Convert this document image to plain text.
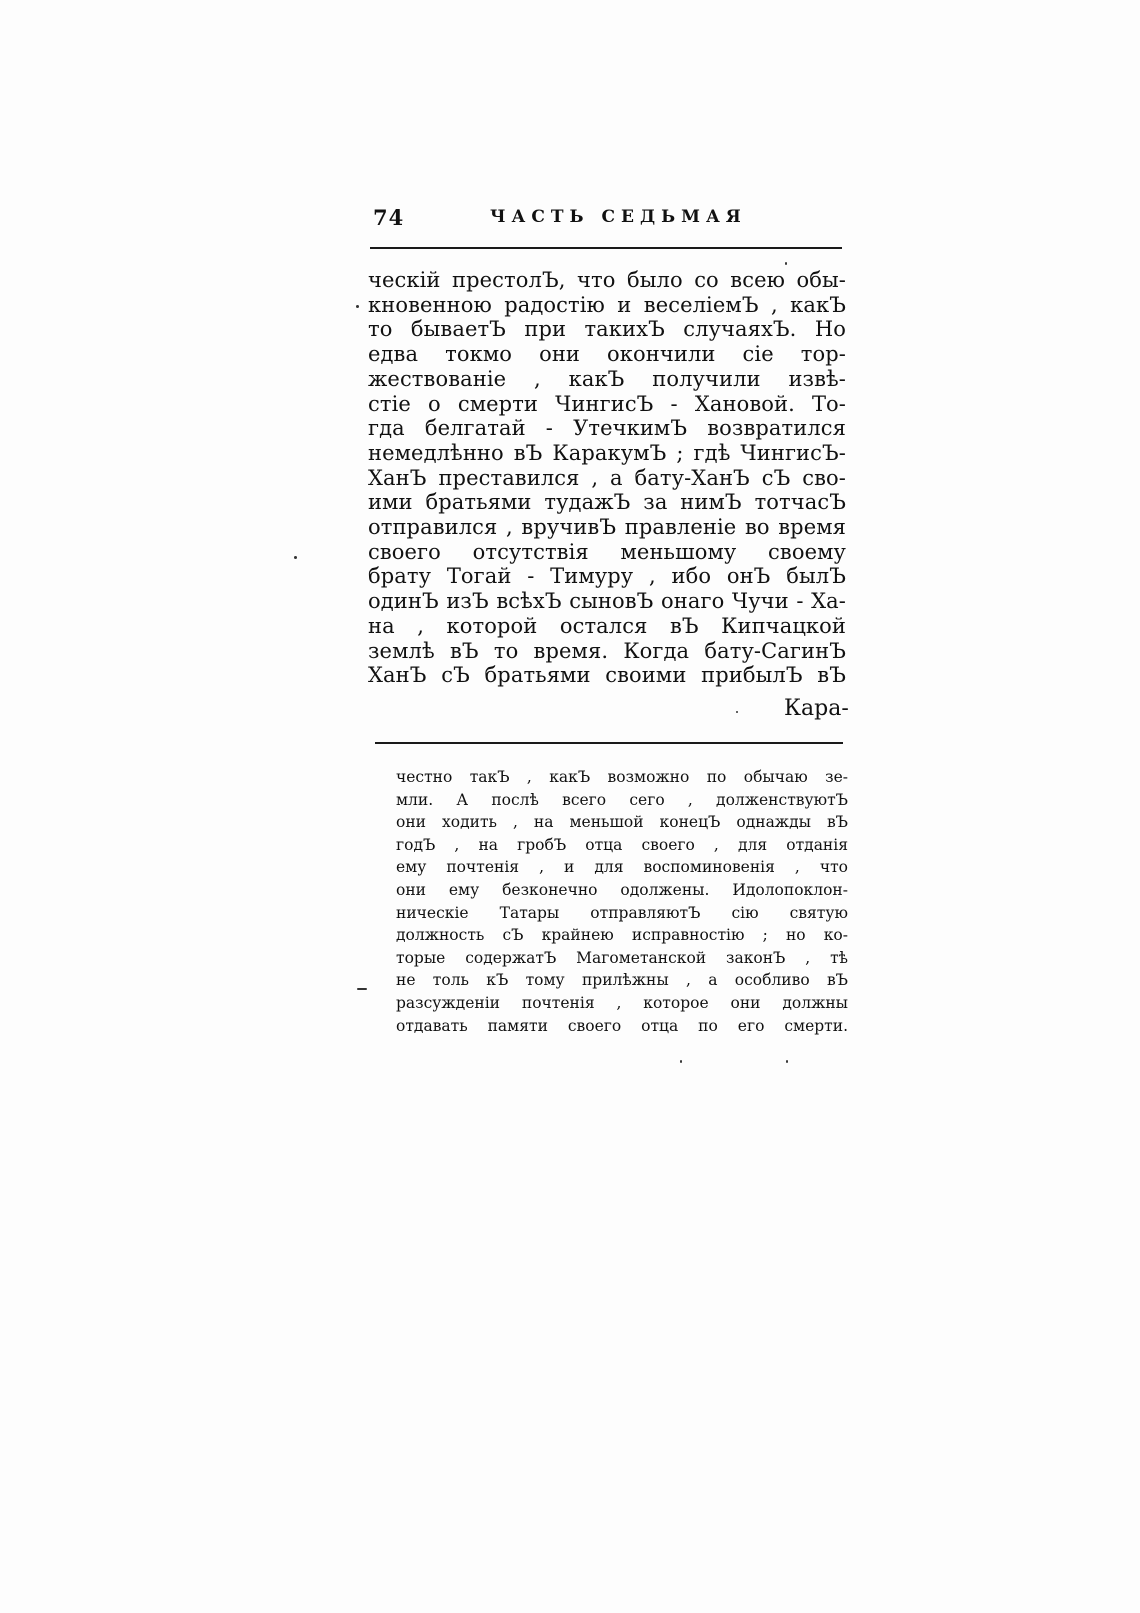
74	ЧАСТЬ СЕДЬМАЯ
ческій престолЪ, что было со всею обы-
кновенною радостію и веселіемЪ , какЪ
то бываетЪ при такихЪ случаяхЪ. Но
едва токмо они окончили сіе тор-
жествованіе , какЪ получили извѣ-
стіе о смерти ЧингисЪ - Хановой. То-
гда белгатай - УтечкимЪ возвратился
немедлѣнно вЪ КаракумЪ ; гдѣ ЧингисЪ-
ХанЪ преставился , а бату-ХанЪ сЪ сво-
ими братьями тудажЪ за нимЪ тотчасЪ
отправился , вручивЪ правленіе во время
своего отсутствія меньшому своему
брату Тогай - Тимуру , ибо онЪ былЪ
одинЪ изЪ всѣхЪ сыновЪ онаго Чучи - Ха-
на , которой остался вЪ Кипчацкой
землѣ вЪ то время. Когда бату-СагинЪ
ХанЪ сЪ братьями своими прибылЪ вЪ
Кара-
честно такЪ , какЪ возможно по обычаю зе-
мли. А послѣ всего сего , долженствуютЪ
они ходить , на меньшой конецЪ однажды вЪ
годЪ , на гробЪ отца своего , для отданія
ему почтенія , и для воспоминовенія , что
они ему безконечно одолжены. Идолопоклон-
ническіе Татары отправляютЪ сію святую
должность сЪ крайнею исправностію ; но ко-
торые содержатЪ Магометанской законЪ , тѣ
не толь кЪ тому прилѣжны , а особливо вЪ
разсужденіи почтенія , которое они должны
отдавать памяти своего отца по его смерти.
